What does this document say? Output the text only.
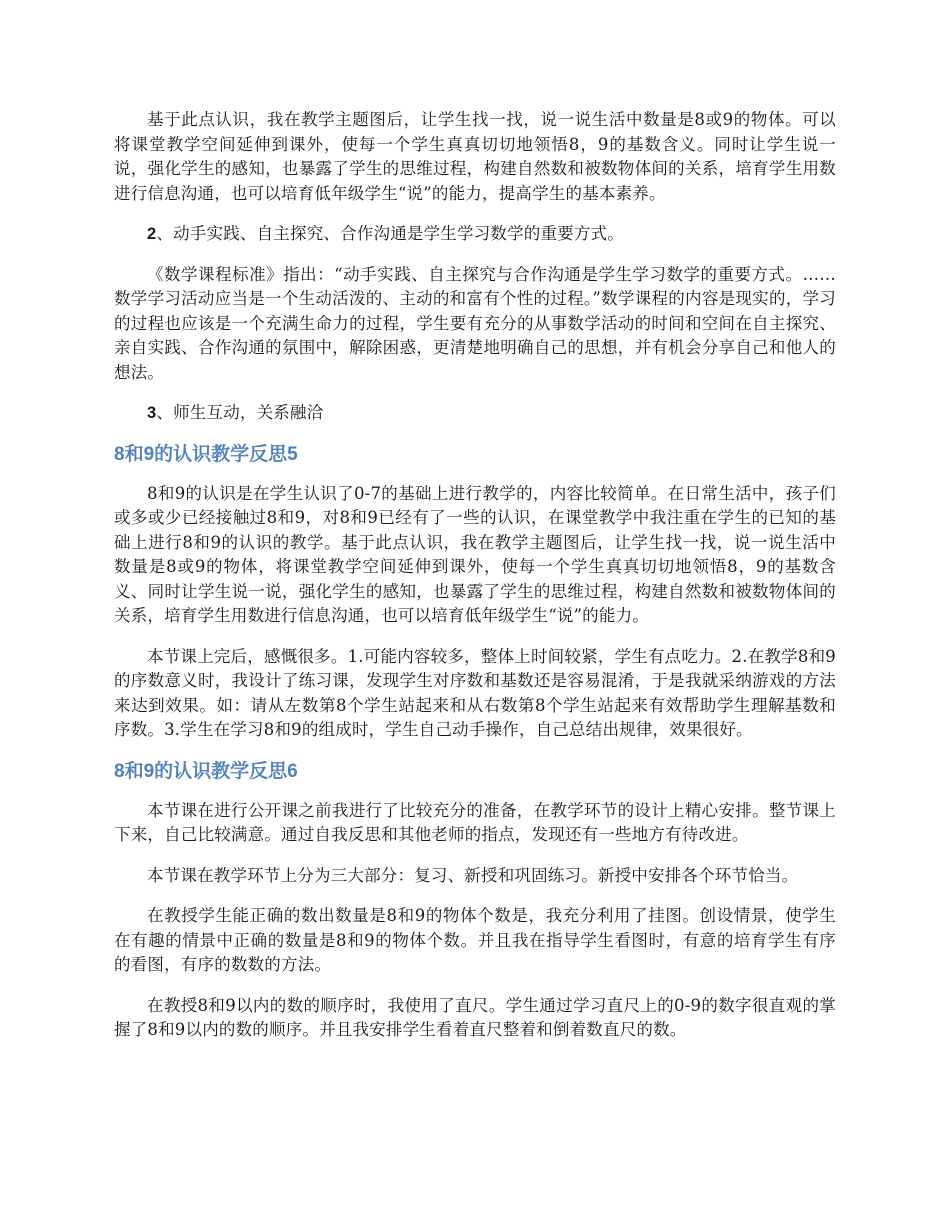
基于此点认识，我在教学主题图后，让学生找一找，说一说生活中数量是8或9的物体。可以将课堂教学空间延伸到课外，使每一个学生真真切切地领悟8，9的基数含义。同时让学生说一说，强化学生的感知，也暴露了学生的思维过程，构建自然数和被数物体间的关系，培育学生用数进行信息沟通，也可以培育低年级学生“说”的能力，提高学生的基本素养。

2、动手实践、自主探究、合作沟通是学生学习数学的重要方式。

《数学课程标准》指出：“动手实践、自主探究与合作沟通是学生学习数学的重要方式。……数学学习活动应当是一个生动活泼的、主动的和富有个性的过程。”数学课程的内容是现实的，学习的过程也应该是一个充满生命力的过程，学生要有充分的从事数学活动的时间和空间在自主探究、亲自实践、合作沟通的氛围中，解除困惑，更清楚地明确自己的思想，并有机会分享自己和他人的想法。

3、师生互动，关系融洽

8和9的认识教学反思5

8和9的认识是在学生认识了0-7的基础上进行教学的，内容比较简单。在日常生活中，孩子们或多或少已经接触过8和9，对8和9已经有了一些的认识，在课堂教学中我注重在学生的已知的基础上进行8和9的认识的教学。基于此点认识，我在教学主题图后，让学生找一找，说一说生活中数量是8或9的物体，将课堂教学空间延伸到课外，使每一个学生真真切切地领悟8，9的基数含义、同时让学生说一说，强化学生的感知，也暴露了学生的思维过程，构建自然数和被数物体间的关系，培育学生用数进行信息沟通，也可以培育低年级学生“说”的能力。

本节课上完后，感慨很多。1.可能内容较多，整体上时间较紧，学生有点吃力。2.在教学8和9的序数意义时，我设计了练习课，发现学生对序数和基数还是容易混淆，于是我就采纳游戏的方法来达到效果。如：请从左数第8个学生站起来和从右数第8个学生站起来有效帮助学生理解基数和序数。3.学生在学习8和9的组成时，学生自己动手操作，自己总结出规律，效果很好。

8和9的认识教学反思6

本节课在进行公开课之前我进行了比较充分的准备，在教学环节的设计上精心安排。整节课上下来，自己比较满意。通过自我反思和其他老师的指点，发现还有一些地方有待改进。

本节课在教学环节上分为三大部分：复习、新授和巩固练习。新授中安排各个环节恰当。

在教授学生能正确的数出数量是8和9的物体个数是，我充分利用了挂图。创设情景，使学生在有趣的情景中正确的数量是8和9的物体个数。并且我在指导学生看图时，有意的培育学生有序的看图，有序的数数的方法。

在教授8和9以内的数的顺序时，我使用了直尺。学生通过学习直尺上的0-9的数字很直观的掌握了8和9以内的数的顺序。并且我安排学生看着直尺整着和倒着数直尺的数。
